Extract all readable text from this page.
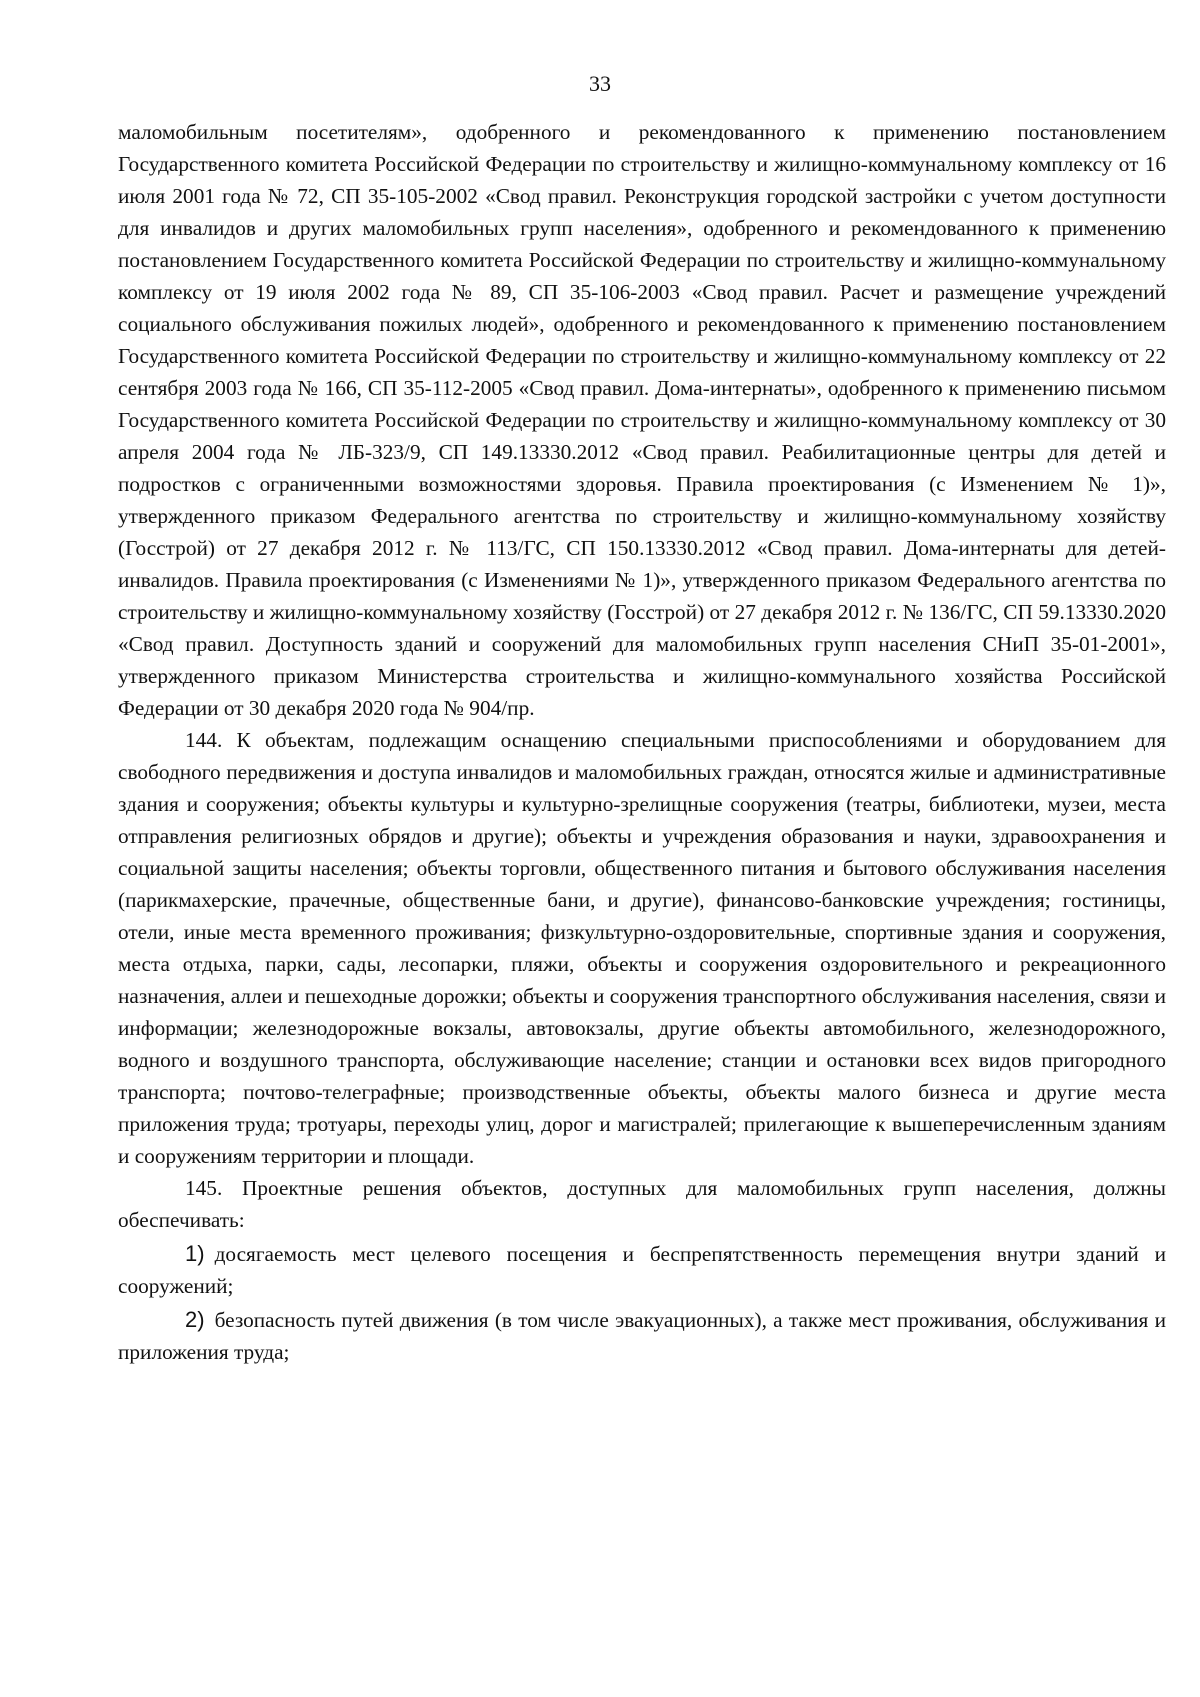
33

маломобильным посетителям», одобренного и рекомендованного к применению постановлением Государственного комитета Российской Федерации по строительству и жилищно-коммунальному комплексу от 16 июля 2001 года № 72, СП 35-105-2002 «Свод правил. Реконструкция городской застройки с учетом доступности для инвалидов и других маломобильных групп населения», одобренного и рекомендованного к применению постановлением Государственного комитета Российской Федерации по строительству и жилищно-коммунальному комплексу от 19 июля 2002 года № 89, СП 35-106-2003 «Свод правил. Расчет и размещение учреждений социального обслуживания пожилых людей», одобренного и рекомендованного к применению постановлением Государственного комитета Российской Федерации по строительству и жилищно-коммунальному комплексу от 22 сентября 2003 года № 166, СП 35-112-2005 «Свод правил. Дома-интернаты», одобренного к применению письмом Государственного комитета Российской Федерации по строительству и жилищно-коммунальному комплексу от 30 апреля 2004 года № ЛБ-323/9, СП 149.13330.2012 «Свод правил. Реабилитационные центры для детей и подростков с ограниченными возможностями здоровья. Правила проектирования (с Изменением № 1)», утвержденного приказом Федерального агентства по строительству и жилищно-коммунальному хозяйству (Госстрой) от 27 декабря 2012 г. № 113/ГС, СП 150.13330.2012 «Свод правил. Дома-интернаты для детей-инвалидов. Правила проектирования (с Изменениями № 1)», утвержденного приказом Федерального агентства по строительству и жилищно-коммунальному хозяйству (Госстрой) от 27 декабря 2012 г. № 136/ГС, СП 59.13330.2020 «Свод правил. Доступность зданий и сооружений для маломобильных групп населения СНиП 35-01-2001», утвержденного приказом Министерства строительства и жилищно-коммунального хозяйства Российской Федерации от 30 декабря 2020 года № 904/пр.

144. К объектам, подлежащим оснащению специальными приспособлениями и оборудованием для свободного передвижения и доступа инвалидов и маломобильных граждан, относятся жилые и административные здания и сооружения; объекты культуры и культурно-зрелищные сооружения (театры, библиотеки, музеи, места отправления религиозных обрядов и другие); объекты и учреждения образования и науки, здравоохранения и социальной защиты населения; объекты торговли, общественного питания и бытового обслуживания населения (парикмахерские, прачечные, общественные бани, и другие), финансово-банковские учреждения; гостиницы, отели, иные места временного проживания; физкультурно-оздоровительные, спортивные здания и сооружения, места отдыха, парки, сады, лесопарки, пляжи, объекты и сооружения оздоровительного и рекреационного назначения, аллеи и пешеходные дорожки; объекты и сооружения транспортного обслуживания населения, связи и информации; железнодорожные вокзалы, автовокзалы, другие объекты автомобильного, железнодорожного, водного и воздушного транспорта, обслуживающие население; станции и остановки всех видов пригородного транспорта; почтово-телеграфные; производственные объекты, объекты малого бизнеса и другие места приложения труда; тротуары, переходы улиц, дорог и магистралей; прилегающие к вышеперечисленным зданиям и сооружениям территории и площади.

145. Проектные решения объектов, доступных для маломобильных групп населения, должны обеспечивать:

1) досягаемость мест целевого посещения и беспрепятственность перемещения внутри зданий и сооружений;

2) безопасность путей движения (в том числе эвакуационных), а также мест проживания, обслуживания и приложения труда;
